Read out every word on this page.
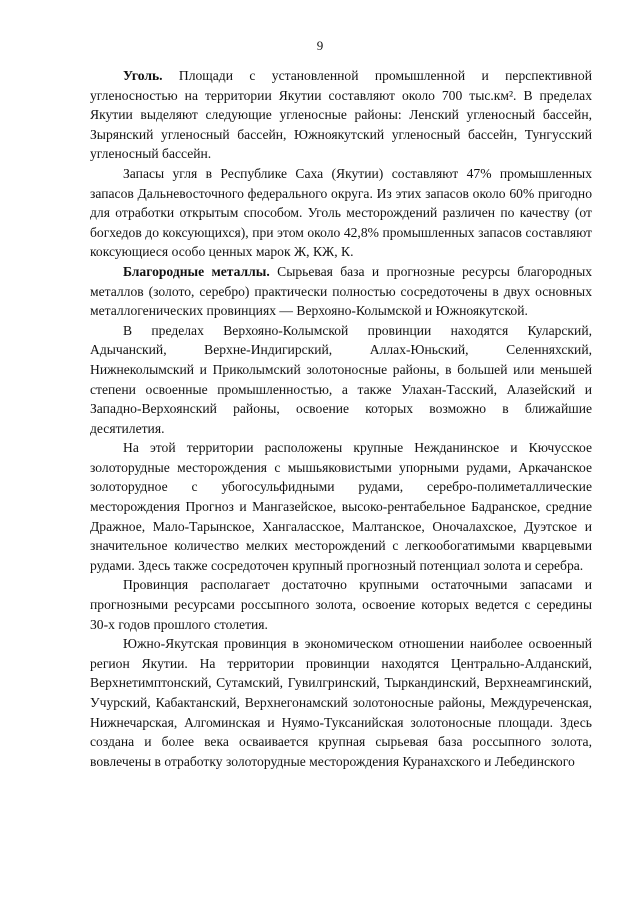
9

Уголь. Площади с установленной промышленной и перспективной угленосностью на территории Якутии составляют около 700 тыс.км². В пределах Якутии выделяют следующие угленосные районы: Ленский угленосный бассейн, Зырянский угленосный бассейн, Южноякутский угленосный бассейн, Тунгусский угленосный бассейн.

Запасы угля в Республике Саха (Якутии) составляют 47% промышленных запасов Дальневосточного федерального округа. Из этих запасов около 60% пригодно для отработки открытым способом. Уголь месторождений различен по качеству (от богхедов до коксующихся), при этом около 42,8% промышленных запасов составляют коксующиеся особо ценных марок Ж, КЖ, К.

Благородные металлы. Сырьевая база и прогнозные ресурсы благородных металлов (золото, серебро) практически полностью сосредоточены в двух основных металлогенических провинциях — Верхояно-Колымской и Южноякутской.

В пределах Верхояно-Колымской провинции находятся Куларский, Адычанский, Верхне-Индигирский, Аллах-Юньский, Селенняхский, Нижнеколымский и Приколымский золотоносные районы, в большей или меньшей степени освоенные промышленностью, а также Улахан-Тасский, Алазейский и Западно-Верхоянский районы, освоение которых возможно в ближайшие десятилетия.

На этой территории расположены крупные Нежданинское и Кючусское золоторудные месторождения с мышьяковистыми упорными рудами, Аркачанское золоторудное с убогосульфидными рудами, серебро-полиметаллические месторождения Прогноз и Мангазейское, высоко-рентабельное Бадранское, средние Дражное, Мало-Тарынское, Хангаласское, Малтанское, Оночалахское, Дуэтское и значительное количество мелких месторождений с легкообогатимыми кварцевыми рудами. Здесь также сосредоточен крупный прогнозный потенциал золота и серебра.

Провинция располагает достаточно крупными остаточными запасами и прогнозными ресурсами россыпного золота, освоение которых ведется с середины 30-х годов прошлого столетия.

Южно-Якутская провинция в экономическом отношении наиболее освоенный регион Якутии. На территории провинции находятся Центрально-Алданский, Верхнетимптонский, Сутамский, Гувилгринский, Тыркандинский, Верхнеамгинский, Учурский, Кабактанский, Верхнегонамский золотоносные районы, Междуреченская, Нижнечарская, Алгоминская и Нуямо-Туксанийская золотоносные площади. Здесь создана и более века осваивается крупная сырьевая база россыпного золота, вовлечены в отработку золоторудные месторождения Куранахского и Лебединского
